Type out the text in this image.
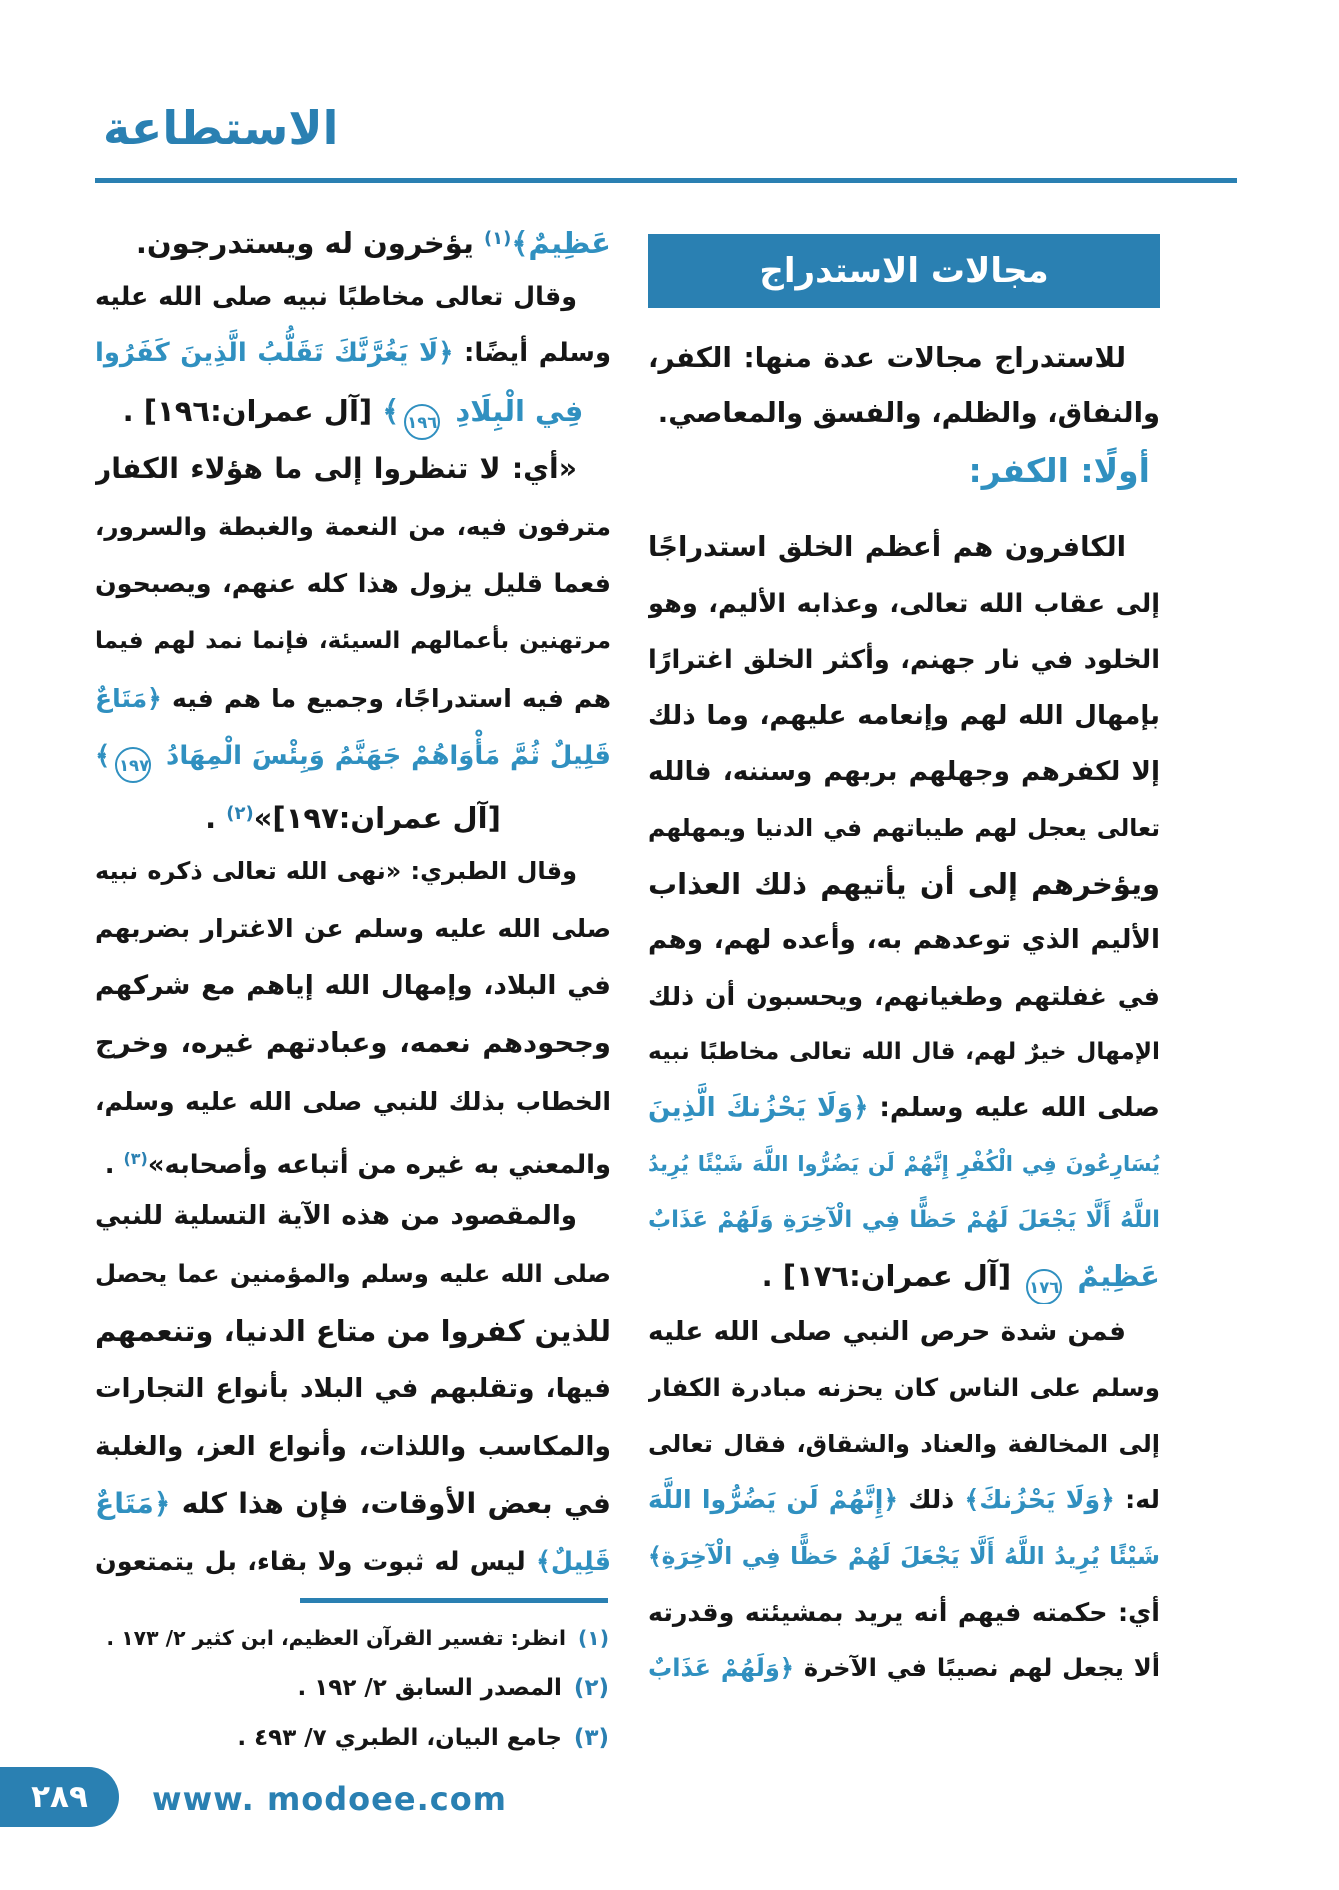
الاستطاعة
مجالات الاستدراج
للاستدراج مجالات عدة منها: الكفر،
والنفاق، والظلم، والفسق والمعاصي.
أولًا: الكفر:
الكافرون هم أعظم الخلق استدراجًا
إلى عقاب الله تعالى، وعذابه الأليم، وهو
الخلود في نار جهنم، وأكثر الخلق اغترارًا
بإمهال الله لهم وإنعامه عليهم، وما ذلك
إلا لكفرهم وجهلهم بربهم وسننه، فالله
تعالى يعجل لهم طيباتهم في الدنيا ويمهلهم
ويؤخرهم إلى أن يأتيهم ذلك العذاب
الأليم الذي توعدهم به، وأعده لهم، وهم
في غفلتهم وطغيانهم، ويحسبون أن ذلك
الإمهال خيرٌ لهم، قال الله تعالى مخاطبًا نبيه
صلى الله عليه وسلم: ﴿وَلَا يَحْزُنكَ الَّذِينَ
يُسَارِعُونَ فِي الْكُفْرِ إِنَّهُمْ لَن يَضُرُّوا اللَّهَ شَيْئًا يُرِيدُ
اللَّهُ أَلَّا يَجْعَلَ لَهُمْ حَظًّا فِي الْآخِرَةِ وَلَهُمْ عَذَابٌ
عَظِيمٌ ١٧٦ [آل عمران:١٧٦] .
فمن شدة حرص النبي صلى الله عليه
وسلم على الناس كان يحزنه مبادرة الكفار
إلى المخالفة والعناد والشقاق، فقال تعالى
له: ﴿وَلَا يَحْزُنكَ﴾ ذلك ﴿إِنَّهُمْ لَن يَضُرُّوا اللَّهَ
شَيْئًا يُرِيدُ اللَّهُ أَلَّا يَجْعَلَ لَهُمْ حَظًّا فِي الْآخِرَةِ﴾
أي: حكمته فيهم أنه يريد بمشيئته وقدرته
ألا يجعل لهم نصيبًا في الآخرة ﴿وَلَهُمْ عَذَابٌ
عَظِيمٌ﴾$^{(١)}$ يؤخرون له ويستدرجون.
وقال تعالى مخاطبًا نبيه صلى الله عليه
وسلم أيضًا: ﴿لَا يَغُرَّنَّكَ تَقَلُّبُ الَّذِينَ كَفَرُوا
فِي الْبِلَادِ ١٩٦﴾ [آل عمران:١٩٦] .
«أي: لا تنظروا إلى ما هؤلاء الكفار
مترفون فيه، من النعمة والغبطة والسرور،
فعما قليل يزول هذا كله عنهم، ويصبحون
مرتهنين بأعمالهم السيئة، فإنما نمد لهم فيما
هم فيه استدراجًا، وجميع ما هم فيه ﴿مَتَاعٌ
قَلِيلٌ ثُمَّ مَأْوَاهُمْ جَهَنَّمُ وَبِئْسَ الْمِهَادُ ١٩٧﴾
[آل عمران:١٩٧]»$^{(٢)}$ .
وقال الطبري: «نهى الله تعالى ذكره نبيه
صلى الله عليه وسلم عن الاغترار بضربهم
في البلاد، وإمهال الله إياهم مع شركهم
وجحودهم نعمه، وعبادتهم غيره، وخرج
الخطاب بذلك للنبي صلى الله عليه وسلم،
والمعني به غيره من أتباعه وأصحابه»$^{(٣)}$ .
والمقصود من هذه الآية التسلية للنبي
صلى الله عليه وسلم والمؤمنين عما يحصل
للذين كفروا من متاع الدنيا، وتنعمهم
فيها، وتقلبهم في البلاد بأنواع التجارات
والمكاسب واللذات، وأنواع العز، والغلبة
في بعض الأوقات، فإن هذا كله ﴿مَتَاعٌ
قَلِيلٌ﴾ ليس له ثبوت ولا بقاء، بل يتمتعون
(١)انظر: تفسير القرآن العظيم، ابن كثير ٢/ ١٧٣ .
(٢)المصدر السابق ٢/ ١٩٢ .
(٣)جامع البيان، الطبري ٧/ ٤٩٣ .
٢٨٩ www. modoee.com
